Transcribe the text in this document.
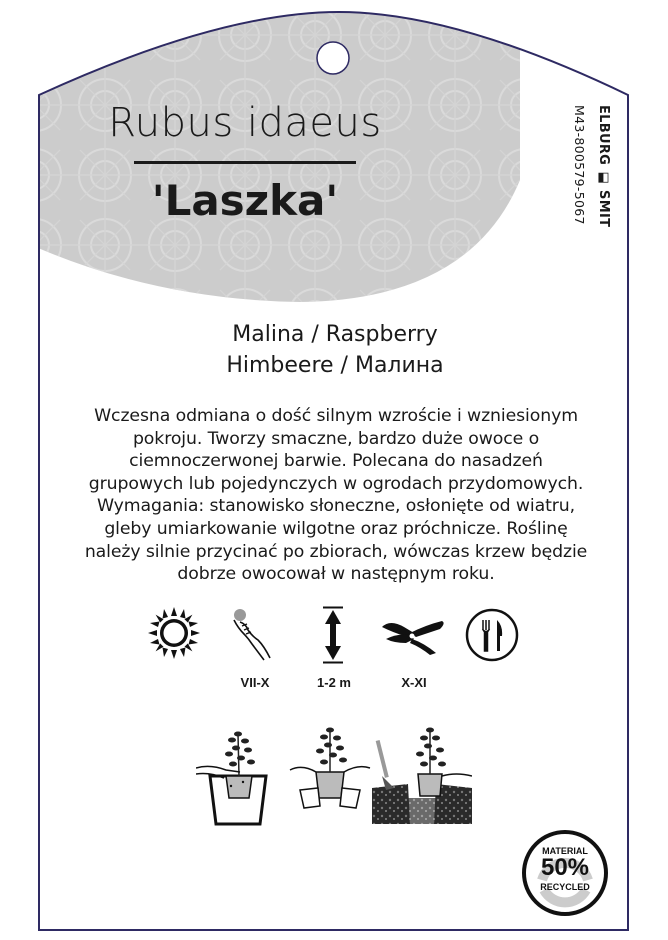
Rubus idaeus
'Laszka'	ELBURG ◧ SMIT
M43-800579-5067
Malina / Raspberry
Himbeere / Малина
Wczesna odmiana o dość silnym wzroście i wzniesionym
pokroju. Tworzy smaczne, bardzo duże owoce o
ciemnoczerwonej barwie. Polecana do nasadzeń
grupowych lub pojedynczych w ogrodach przydomowych.
Wymagania: stanowisko słoneczne, osłonięte od wiatru,
gleby umiarkowanie wilgotne oraz próchnicze. Roślinę
należy silnie przycinać po zbiorach, wówczas krzew będzie
dobrze owocował w następnym roku.
VII-X	1-2 m	X-XI
MATERIAL
50%
RECYCLED
